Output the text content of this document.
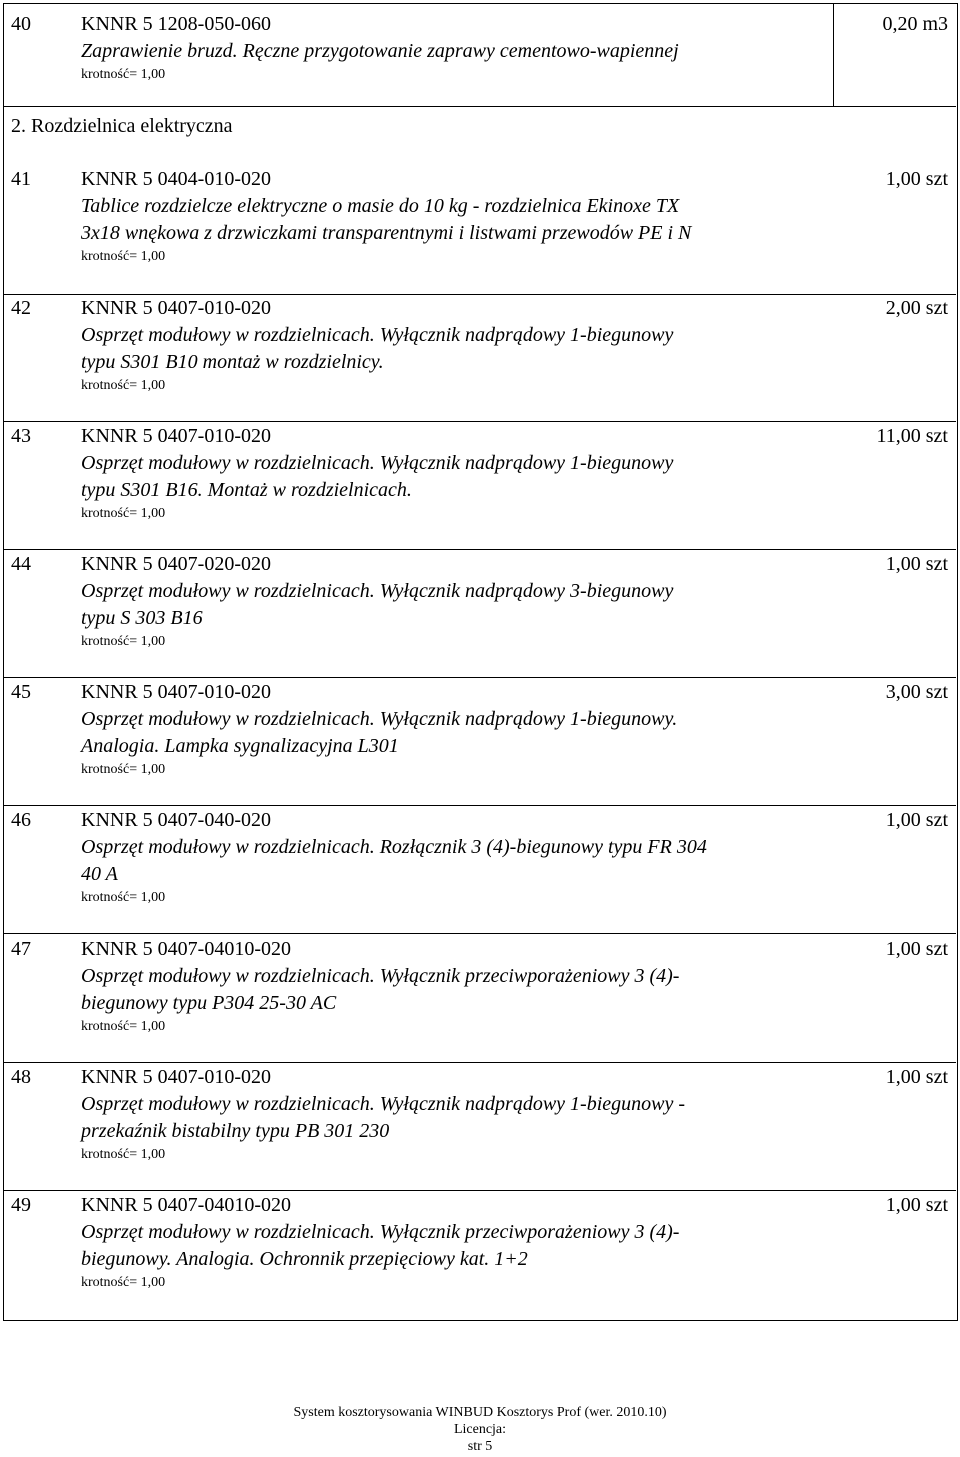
40	KNNR 5 1208-050-060
Zaprawienie bruzd. Ręczne przygotowanie zaprawy cementowo-wapiennej
krotność= 1,00
0,20 m3
2. Rozdzielnica elektryczna
41	KNNR 5 0404-010-020
Tablice rozdzielcze elektryczne o masie do 10 kg - rozdzielnica Ekinoxe TX
3x18 wnękowa z drzwiczkami transparentnymi i listwami przewodów PE i N
krotność= 1,00
1,00 szt
42	KNNR 5 0407-010-020
Osprzęt modułowy w rozdzielnicach. Wyłącznik nadprądowy 1-biegunowy
typu S301 B10 montaż w rozdzielnicy.
krotność= 1,00
2,00 szt
43	KNNR 5 0407-010-020
Osprzęt modułowy w rozdzielnicach. Wyłącznik nadprądowy 1-biegunowy
typu S301 B16. Montaż w rozdzielnicach.
krotność= 1,00
11,00 szt
44	KNNR 5 0407-020-020
Osprzęt modułowy w rozdzielnicach. Wyłącznik nadprądowy 3-biegunowy
typu S 303 B16
krotność= 1,00
1,00 szt
45	KNNR 5 0407-010-020
Osprzęt modułowy w rozdzielnicach. Wyłącznik nadprądowy 1-biegunowy.
Analogia. Lampka sygnalizacyjna L301
krotność= 1,00
3,00 szt
46	KNNR 5 0407-040-020
Osprzęt modułowy w rozdzielnicach. Rozłącznik 3 (4)-biegunowy typu FR 304
40 A
krotność= 1,00
1,00 szt
47	KNNR 5 0407-04010-020
Osprzęt modułowy w rozdzielnicach. Wyłącznik przeciwporażeniowy 3 (4)-
biegunowy typu P304 25-30 AC
krotność= 1,00
1,00 szt
48	KNNR 5 0407-010-020
Osprzęt modułowy w rozdzielnicach. Wyłącznik nadprądowy 1-biegunowy -
przekaźnik bistabilny typu PB 301 230
krotność= 1,00
1,00 szt
49	KNNR 5 0407-04010-020
Osprzęt modułowy w rozdzielnicach. Wyłącznik przeciwporażeniowy 3 (4)-
biegunowy. Analogia. Ochronnik przepięciowy kat. 1+2
krotność= 1,00
1,00 szt
System kosztorysowania WINBUD Kosztorys Prof (wer. 2010.10)
Licencja:
str 5
